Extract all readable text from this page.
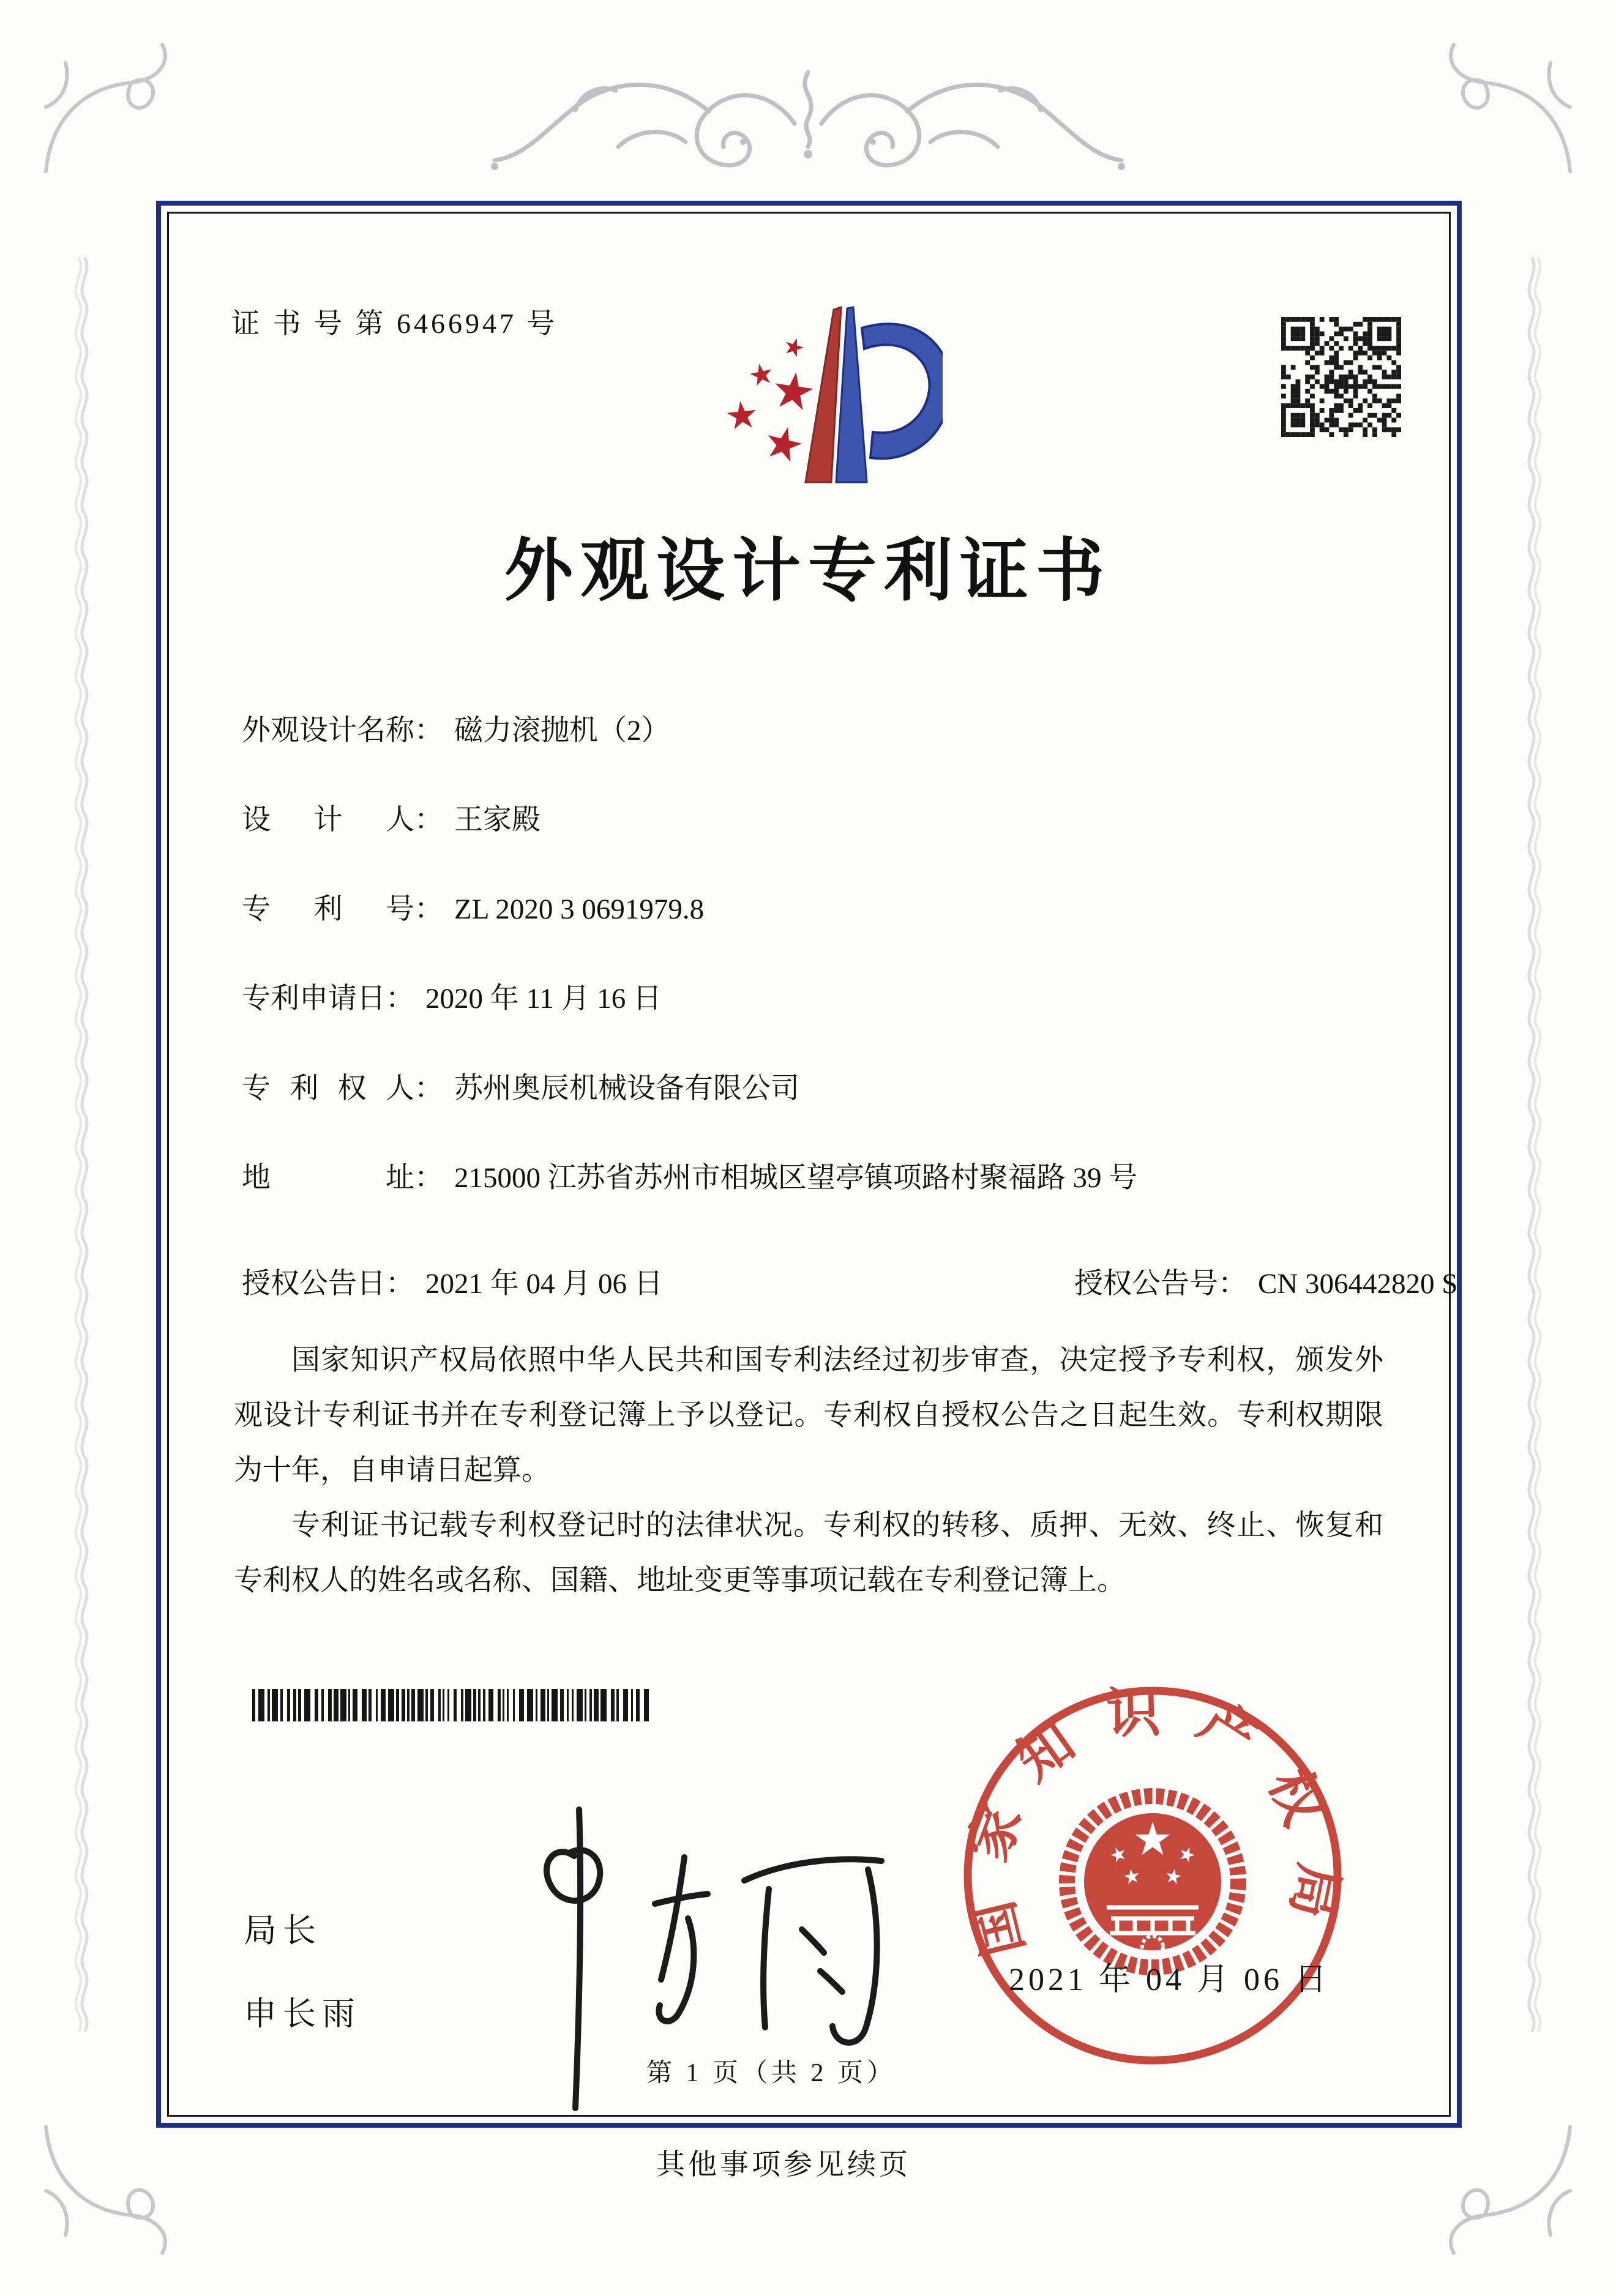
证 书 号 第 6466947 号
外观设计专利证书
外观设计名称： 磁力滚抛机（2）
设计人： 王家殿
专利号： ZL 2020 3 0691979.8
专利申请日： 2020 年 11 月 16 日
专利权人： 苏州奥辰机械设备有限公司
地址： 215000 江苏省苏州市相城区望亭镇项路村聚福路 39 号
授权公告日： 2021 年 04 月 06 日	授权公告号： CN 306442820 S

国家知识产权局依照中华人民共和国专利法经过初步审查，决定授予专利权，颁发外观设计专利证书并在专利登记簿上予以登记。专利权自授权公告之日起生效。专利权期限为十年，自申请日起算。

专利证书记载专利权登记时的法律状况。专利权的转移、质押、无效、终止、恢复和专利权人的姓名或名称、国籍、地址变更等事项记载在专利登记簿上。

局长
申长雨
国家知识产权局
2021 年 04 月 06 日
第 1 页（共 2 页）
其他事项参见续页
